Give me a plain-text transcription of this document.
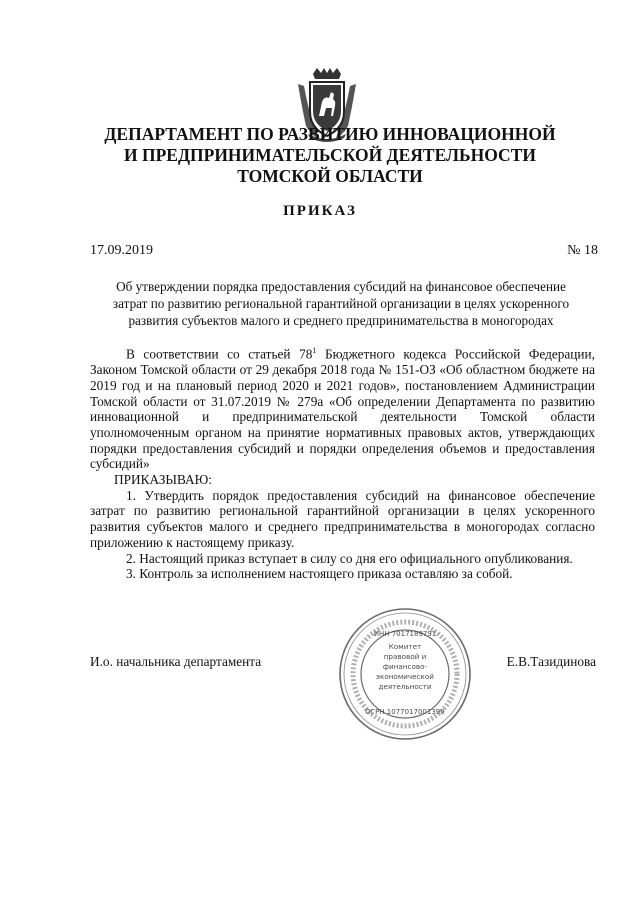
ДЕПАРТАМЕНТ ПО РАЗВИТИЮ ИННОВАЦИОННОЙ
И ПРЕДПРИНИМАТЕЛЬСКОЙ ДЕЯТЕЛЬНОСТИ
ТОМСКОЙ ОБЛАСТИ
ПРИКАЗ
17.09.2019	№ 18
Об утверждении порядка предоставления субсидий на финансовое обеспечение
затрат по развитию региональной гарантийной организации в целях ускоренного
развития субъектов малого и среднего предпринимательства в моногородах

В соответствии со статьей $78^1$ Бюджетного кодекса Российской Федерации, Законом Томской области от 29 декабря 2018 года № 151-ОЗ «Об областном бюджете на 2019 год и на плановый период 2020 и 2021 годов», постановлением Администрации Томской области от 31.07.2019 № 279а «Об определении Департамента по развитию инновационной и предпринимательской деятельности Томской области уполномоченным органом на принятие нормативных правовых актов, утверждающих порядки предоставления субсидий и порядки определения объемов и предоставления субсидий»

ПРИКАЗЫВАЮ:

1. Утвердить порядок предоставления субсидий на финансовое обеспечение затрат по развитию региональной гарантийной организации в целях ускоренного развития субъектов малого и среднего предпринимательства в моногородах согласно приложению к настоящему приказу.

2. Настоящий приказ вступает в силу со дня его официального опубликования.

3. Контроль за исполнением настоящего приказа оставляю за собой.

И.о. начальника департамента	Е.В.Тазидинова
ИНН 7017189791
Комитет
правовой и
финансово-
экономической
деятельности
ОГРН 1077017001390
